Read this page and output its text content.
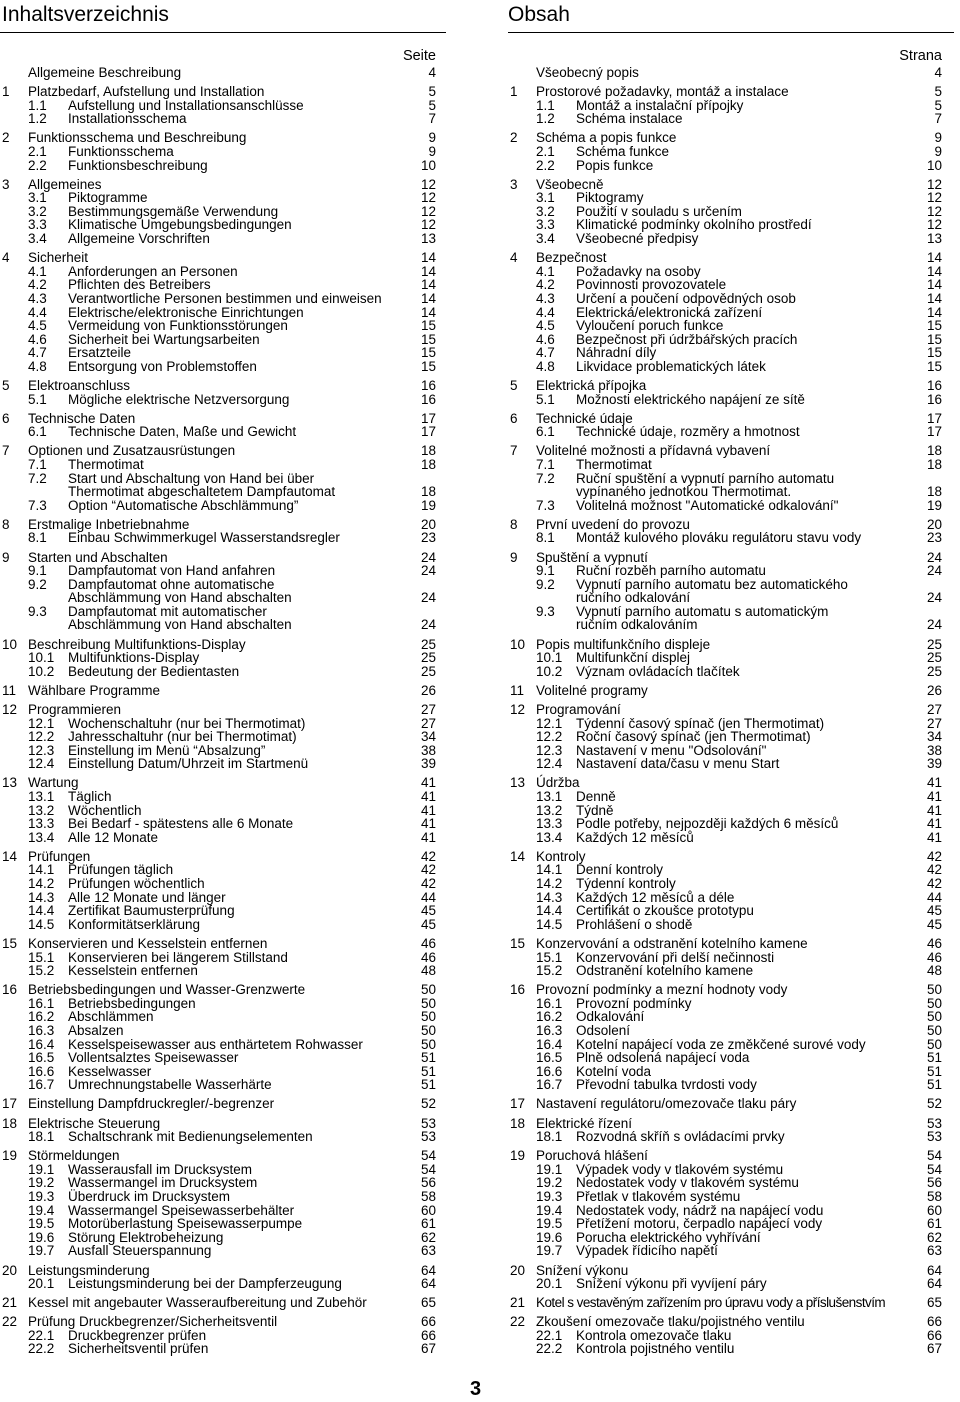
Inhaltsverzeichnis
Seite
Allgemeine Beschreibung	4
1 Platzbedarf, Aufstellung und Installation	5
1.1 Aufstellung und Installationsanschlüsse	5
1.2 Installationsschema	7
2 Funktionsschema und Beschreibung	9
2.1 Funktionsschema	9
2.2 Funktionsbeschreibung	10
3 Allgemeines	12
3.1 Piktogramme	12
3.2 Bestimmungsgemäße Verwendung	12
3.3 Klimatische Umgebungsbedingungen	12
3.4 Allgemeine Vorschriften	13
4 Sicherheit	14
4.1 Anforderungen an Personen	14
4.2 Pflichten des Betreibers	14
4.3 Verantwortliche Personen bestimmen und einweisen	14
4.4 Elektrische/elektronische Einrichtungen	14
4.5 Vermeidung von Funktionsstörungen	15
4.6 Sicherheit bei Wartungsarbeiten	15
4.7 Ersatzteile	15
4.8 Entsorgung von Problemstoffen	15
5 Elektroanschluss	16
5.1 Mögliche elektrische Netzversorgung	16
6 Technische Daten	17
6.1 Technische Daten, Maße und Gewicht	17
7 Optionen und Zusatzausrüstungen	18
7.1 Thermotimat	18
7.2 Start und Abschaltung von Hand bei über
Thermotimat abgeschaltetem Dampfautomat	18
7.3 Option “Automatische Abschlämmung”	19
8 Erstmalige Inbetriebnahme	20
8.1 Einbau Schwimmerkugel Wasserstandsregler	23
9 Starten und Abschalten	24
9.1 Dampfautomat von Hand anfahren	24
9.2 Dampfautomat ohne automatische
Abschlämmung von Hand abschalten	24
9.3 Dampfautomat mit automatischer
Abschlämmung von Hand abschalten	24
10 Beschreibung Multifunktions-Display	25
10.1 Multifunktions-Display	25
10.2 Bedeutung der Bedientasten	25
11 Wählbare Programme	26
12 Programmieren	27
12.1 Wochenschaltuhr (nur bei Thermotimat)	27
12.2 Jahresschaltuhr (nur bei Thermotimat)	34
12.3 Einstellung im Menü “Absalzung”	38
12.4 Einstellung Datum/Uhrzeit im Startmenü	39
13 Wartung	41
13.1 Täglich	41
13.2 Wöchentlich	41
13.3 Bei Bedarf - spätestens alle 6 Monate	41
13.4 Alle 12 Monate	41
14 Prüfungen	42
14.1 Prüfungen täglich	42
14.2 Prüfungen wöchentlich	42
14.3 Alle 12 Monate und länger	44
14.4 Zertifikat Baumusterprüfung	45
14.5 Konformitätserklärung	45
15 Konservieren und Kesselstein entfernen	46
15.1 Konservieren bei längerem Stillstand	46
15.2 Kesselstein entfernen	48
16 Betriebsbedingungen und Wasser-Grenzwerte	50
16.1 Betriebsbedingungen	50
16.2 Abschlämmen	50
16.3 Absalzen	50
16.4 Kesselspeisewasser aus enthärtetem Rohwasser	50
16.5 Vollentsalztes Speisewasser	51
16.6 Kesselwasser	51
16.7 Umrechnungstabelle Wasserhärte	51
17 Einstellung Dampfdruckregler/-begrenzer	52
18 Elektrische Steuerung	53
18.1 Schaltschrank mit Bedienungselementen	53
19 Störmeldungen	54
19.1 Wasserausfall im Drucksystem	54
19.2 Wassermangel im Drucksystem	56
19.3 Überdruck im Drucksystem	58
19.4 Wassermangel Speisewasserbehälter	60
19.5 Motorüberlastung Speisewasserpumpe	61
19.6 Störung Elektrobeheizung	62
19.7 Ausfall Steuerspannung	63
20 Leistungsminderung	64
20.1 Leistungsminderung bei der Dampferzeugung	64
21 Kessel mit angebauter Wasseraufbereitung und Zubehör	65
22 Prüfung Druckbegrenzer/Sicherheitsventil	66
22.1 Druckbegrenzer prüfen	66
22.2 Sicherheitsventil prüfen	67
Obsah
Strana
Všeobecný popis	4
1 Prostorové požadavky, montáž a instalace	5
1.1 Montáž a instalační přípojky	5
1.2 Schéma instalace	7
2 Schéma a popis funkce	9
2.1 Schéma funkce	9
2.2 Popis funkce	10
3 Všeobecně	12
3.1 Piktogramy	12
3.2 Použití v souladu s určením	12
3.3 Klimatické podmínky okolního prostředí	12
3.4 Všeobecné předpisy	13
4 Bezpečnost	14
4.1 Požadavky na osoby	14
4.2 Povinnosti provozovatele	14
4.3 Určení a poučení odpovědných osob	14
4.4 Elektrická/elektronická zařízení	14
4.5 Vyloučení poruch funkce	15
4.6 Bezpečnost při údržbářských pracích	15
4.7 Náhradní díly	15
4.8 Likvidace problematických látek	15
5 Elektrická přípojka	16
5.1 Možnosti elektrického napájení ze sítě	16
6 Technické údaje	17
6.1 Technické údaje, rozměry a hmotnost	17
7 Volitelné možnosti a přídavná vybavení	18
7.1 Thermotimat	18
7.2 Ruční spuštění a vypnutí parního automatu
vypínaného jednotkou Thermotimat.	18
7.3 Volitelná možnost "Automatické odkalování"	19
8 První uvedení do provozu	20
8.1 Montáž kulového plováku regulátoru stavu vody	23
9 Spuštění a vypnutí	24
9.1 Ruční rozběh parního automatu	24
9.2 Vypnutí parního automatu bez automatického
ručního odkalování	24
9.3 Vypnutí parního automatu s automatickým
ručním odkalováním	24
10 Popis multifunkčního displeje	25
10.1 Multifunkční displej	25
10.2 Význam ovládacích tlačítek	25
11 Volitelné programy	26
12 Programování	27
12.1 Týdenní časový spínač (jen Thermotimat)	27
12.2 Roční časový spínač (jen Thermotimat)	34
12.3 Nastavení v menu "Odsolování"	38
12.4 Nastavení data/času v menu Start	39
13 Údržba	41
13.1 Denně	41
13.2 Týdně	41
13.3 Podle potřeby, nejpozději každých 6 měsíců	41
13.4 Každých 12 měsíců	41
14 Kontroly	42
14.1 Denní kontroly	42
14.2 Týdenní kontroly	42
14.3 Každých 12 měsíců a déle	44
14.4 Certifikát o zkoušce prototypu	45
14.5 Prohlášení o shodě	45
15 Konzervování a odstranění kotelního kamene	46
15.1 Konzervování při delší nečinnosti	46
15.2 Odstranění kotelního kamene	48
16 Provozní podmínky a mezní hodnoty vody	50
16.1 Provozní podmínky	50
16.2 Odkalování	50
16.3 Odsolení	50
16.4 Kotelní napájecí voda ze změkčené surové vody	50
16.5 Plně odsolená napájecí voda	51
16.6 Kotelní voda	51
16.7 Převodní tabulka tvrdosti vody	51
17 Nastavení regulátoru/omezovače tlaku páry	52
18 Elektrické řízení	53
18.1 Rozvodná skříň s ovládacími prvky	53
19 Poruchová hlášení	54
19.1 Výpadek vody v tlakovém systému	54
19.2 Nedostatek vody v tlakovém systému	56
19.3 Přetlak v tlakovém systému	58
19.4 Nedostatek vody, nádrž na napájecí vodu	60
19.5 Přetížení motoru, čerpadlo napájecí vody	61
19.6 Porucha elektrického vyhřívání	62
19.7 Výpadek řídicího napětí	63
20 Snížení výkonu	64
20.1 Snížení výkonu při vyvíjení páry	64
21 Kotel s vestavěným zařízením pro úpravu vody a příslušenstvím	65
22 Zkoušení omezovače tlaku/pojistného ventilu	66
22.1 Kontrola omezovače tlaku	66
22.2 Kontrola pojistného ventilu	67
3
